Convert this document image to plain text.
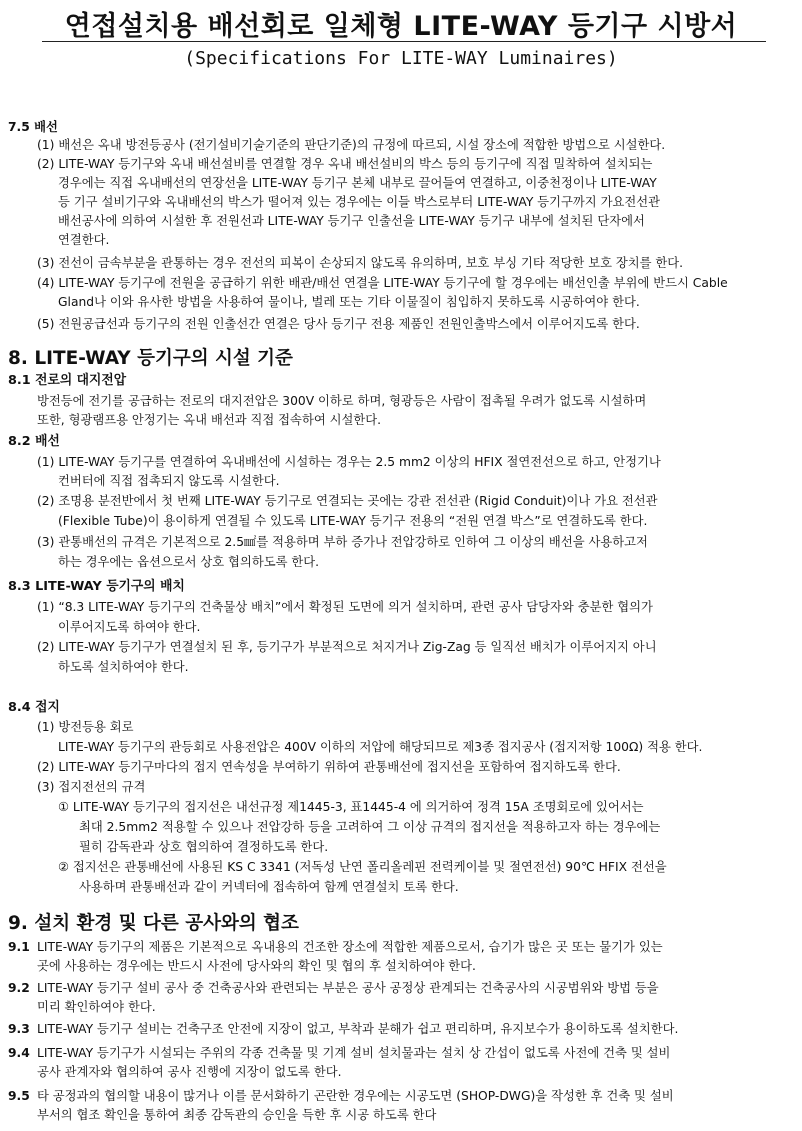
연접설치용 배선회로 일체형 LITE-WAY 등기구 시방서
(Specifications For LITE-WAY Luminaires)
7.5 배선
(1) 배선은 옥내 방전등공사 (전기설비기술기준의 판단기준)의 규정에 따르되, 시설 장소에 적합한 방법으로 시설한다.
(2) LITE-WAY 등기구와 옥내 배선설비를 연결할 경우 옥내 배선설비의 박스 등의 등기구에 직접 밀착하여 설치되는
경우에는 직접 옥내배선의 연장선을 LITE-WAY 등기구 본체 내부로 끌어들여 연결하고, 이중천정이나 LITE-WAY
등 기구 설비기구와 옥내배선의 박스가 떨어져 있는 경우에는 이들 박스로부터 LITE-WAY 등기구까지 가요전선관
배선공사에 의하여 시설한 후 전원선과 LITE-WAY 등기구 인출선을 LITE-WAY 등기구 내부에 설치된 단자에서
연결한다.
(3) 전선이 금속부분을 관통하는 경우 전선의 피복이 손상되지 않도록 유의하며, 보호 부싱 기타 적당한 보호 장치를 한다.
(4) LITE-WAY 등기구에 전원을 공급하기 위한 배관/배선 연결을 LITE-WAY 등기구에 할 경우에는 배선인출 부위에 반드시 Cable
Gland나 이와 유사한 방법을 사용하여 물이나, 벌레 또는 기타 이물질이 침입하지 못하도록 시공하여야 한다.
(5) 전원공급선과 등기구의 전원 인출선간 연결은 당사 등기구 전용 제품인 전원인출박스에서 이루어지도록 한다.
8. LITE-WAY 등기구의 시설 기준
8.1 전로의 대지전압
방전등에 전기를 공급하는 전로의 대지전압은 300V 이하로 하며, 형광등은 사람이 접촉될 우려가 없도록 시설하며
또한, 형광램프용 안정기는 옥내 배선과 직접 접속하여 시설한다.
8.2 배선
(1) LITE-WAY 등기구를 연결하여 옥내배선에 시설하는 경우는 2.5 mm2 이상의 HFIX 절연전선으로 하고, 안정기나
컨버터에 직접 접촉되지 않도록 시설한다.
(2) 조명용 분전반에서 첫 번째 LITE-WAY 등기구로 연결되는 곳에는 강관 전선관 (Rigid Conduit)이나 가요 전선관
(Flexible Tube)이 용이하게 연결될 수 있도록 LITE-WAY 등기구 전용의 “전원 연결 박스”로 연결하도록 한다.
(3) 관통배선의 규격은 기본적으로 2.5㎟를 적용하며 부하 증가나 전압강하로 인하여 그 이상의 배선을 사용하고저
하는 경우에는 옵션으로서 상호 협의하도록 한다.
8.3 LITE-WAY 등기구의 배치
(1) “8.3 LITE-WAY 등기구의 건축물상 배치”에서 확정된 도면에 의거 설치하며, 관련 공사 담당자와 충분한 협의가
이루어지도록 하여야 한다.
(2) LITE-WAY 등기구가 연결설치 된 후, 등기구가 부분적으로 처지거나 Zig-Zag 등 일직선 배치가 이루어지지 아니
하도록 설치하여야 한다.
8.4 접지
(1) 방전등용 회로
LITE-WAY 등기구의 관등회로 사용전압은 400V 이하의 저압에 해당되므로 제3종 접지공사 (접지저항 100Ω) 적용 한다.
(2) LITE-WAY 등기구마다의 접지 연속성을 부여하기 위하여 관통배선에 접지선을 포함하여 접지하도록 한다.
(3) 접지전선의 규격
① LITE-WAY 등기구의 접지선은 내선규정 제1445-3, 표1445-4 에 의거하여 정격 15A 조명회로에 있어서는
최대 2.5mm2 적용할 수 있으나 전압강하 등을 고려하여 그 이상 규격의 접지선을 적용하고자 하는 경우에는
필히 감독관과 상호 협의하여 결정하도록 한다.
② 접지선은 관통배선에 사용된 KS C 3341 (저독성 난연 폴리올레핀 전력케이블 및 절연전선) 90℃ HFIX 전선을
사용하며 관통배선과 같이 커넥터에 접속하여 함께 연결설치 토록 한다.
9. 설치 환경 및 다른 공사와의 협조
9.1 LITE-WAY 등기구의 제품은 기본적으로 옥내용의 건조한 장소에 적합한 제품으로서, 습기가 많은 곳 또는 물기가 있는
곳에 사용하는 경우에는 반드시 사전에 당사와의 확인 및 협의 후 설치하여야 한다.
9.2 LITE-WAY 등기구 설비 공사 중 건축공사와 관련되는 부분은 공사 공정상 관계되는 건축공사의 시공범위와 방법 등을
미리 확인하여야 한다.
9.3 LITE-WAY 등기구 설비는 건축구조 안전에 지장이 없고, 부착과 분해가 쉽고 편리하며, 유지보수가 용이하도록 설치한다.
9.4 LITE-WAY 등기구가 시설되는 주위의 각종 건축물 및 기계 설비 설치물과는 설치 상 간섭이 없도록 사전에 건축 및 설비
공사 관계자와 협의하여 공사 진행에 지장이 없도록 한다.
9.5 타 공정과의 협의할 내용이 많거나 이를 문서화하기 곤란한 경우에는 시공도면 (SHOP-DWG)을 작성한 후 건축 및 설비
부서의 협조 확인을 통하여 최종 감독관의 승인을 득한 후 시공 하도록 한다
